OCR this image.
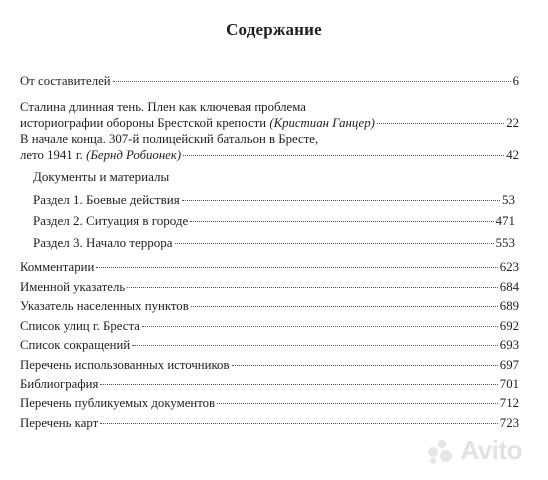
Содержание
От составителей	6
Сталина длинная тень. Плен как ключевая проблема
историографии обороны Брестской крепости (Кристиан Ганцер)	22
В начале конца. 307-й полицейский батальон в Бресте,
лето 1941 г. (Бернд Робионек)	42
Документы и материалы
Раздел 1. Боевые действия	53
Раздел 2. Ситуация в городе	471
Раздел 3. Начало террора	553
Комментарии	623
Именной указатель	684
Указатель населенных пунктов	689
Список улиц г. Бреста	692
Список сокращений	693
Перечень использованных источников	697
Библиография	701
Перечень публикуемых документов	712
Перечень карт	723
Avito
